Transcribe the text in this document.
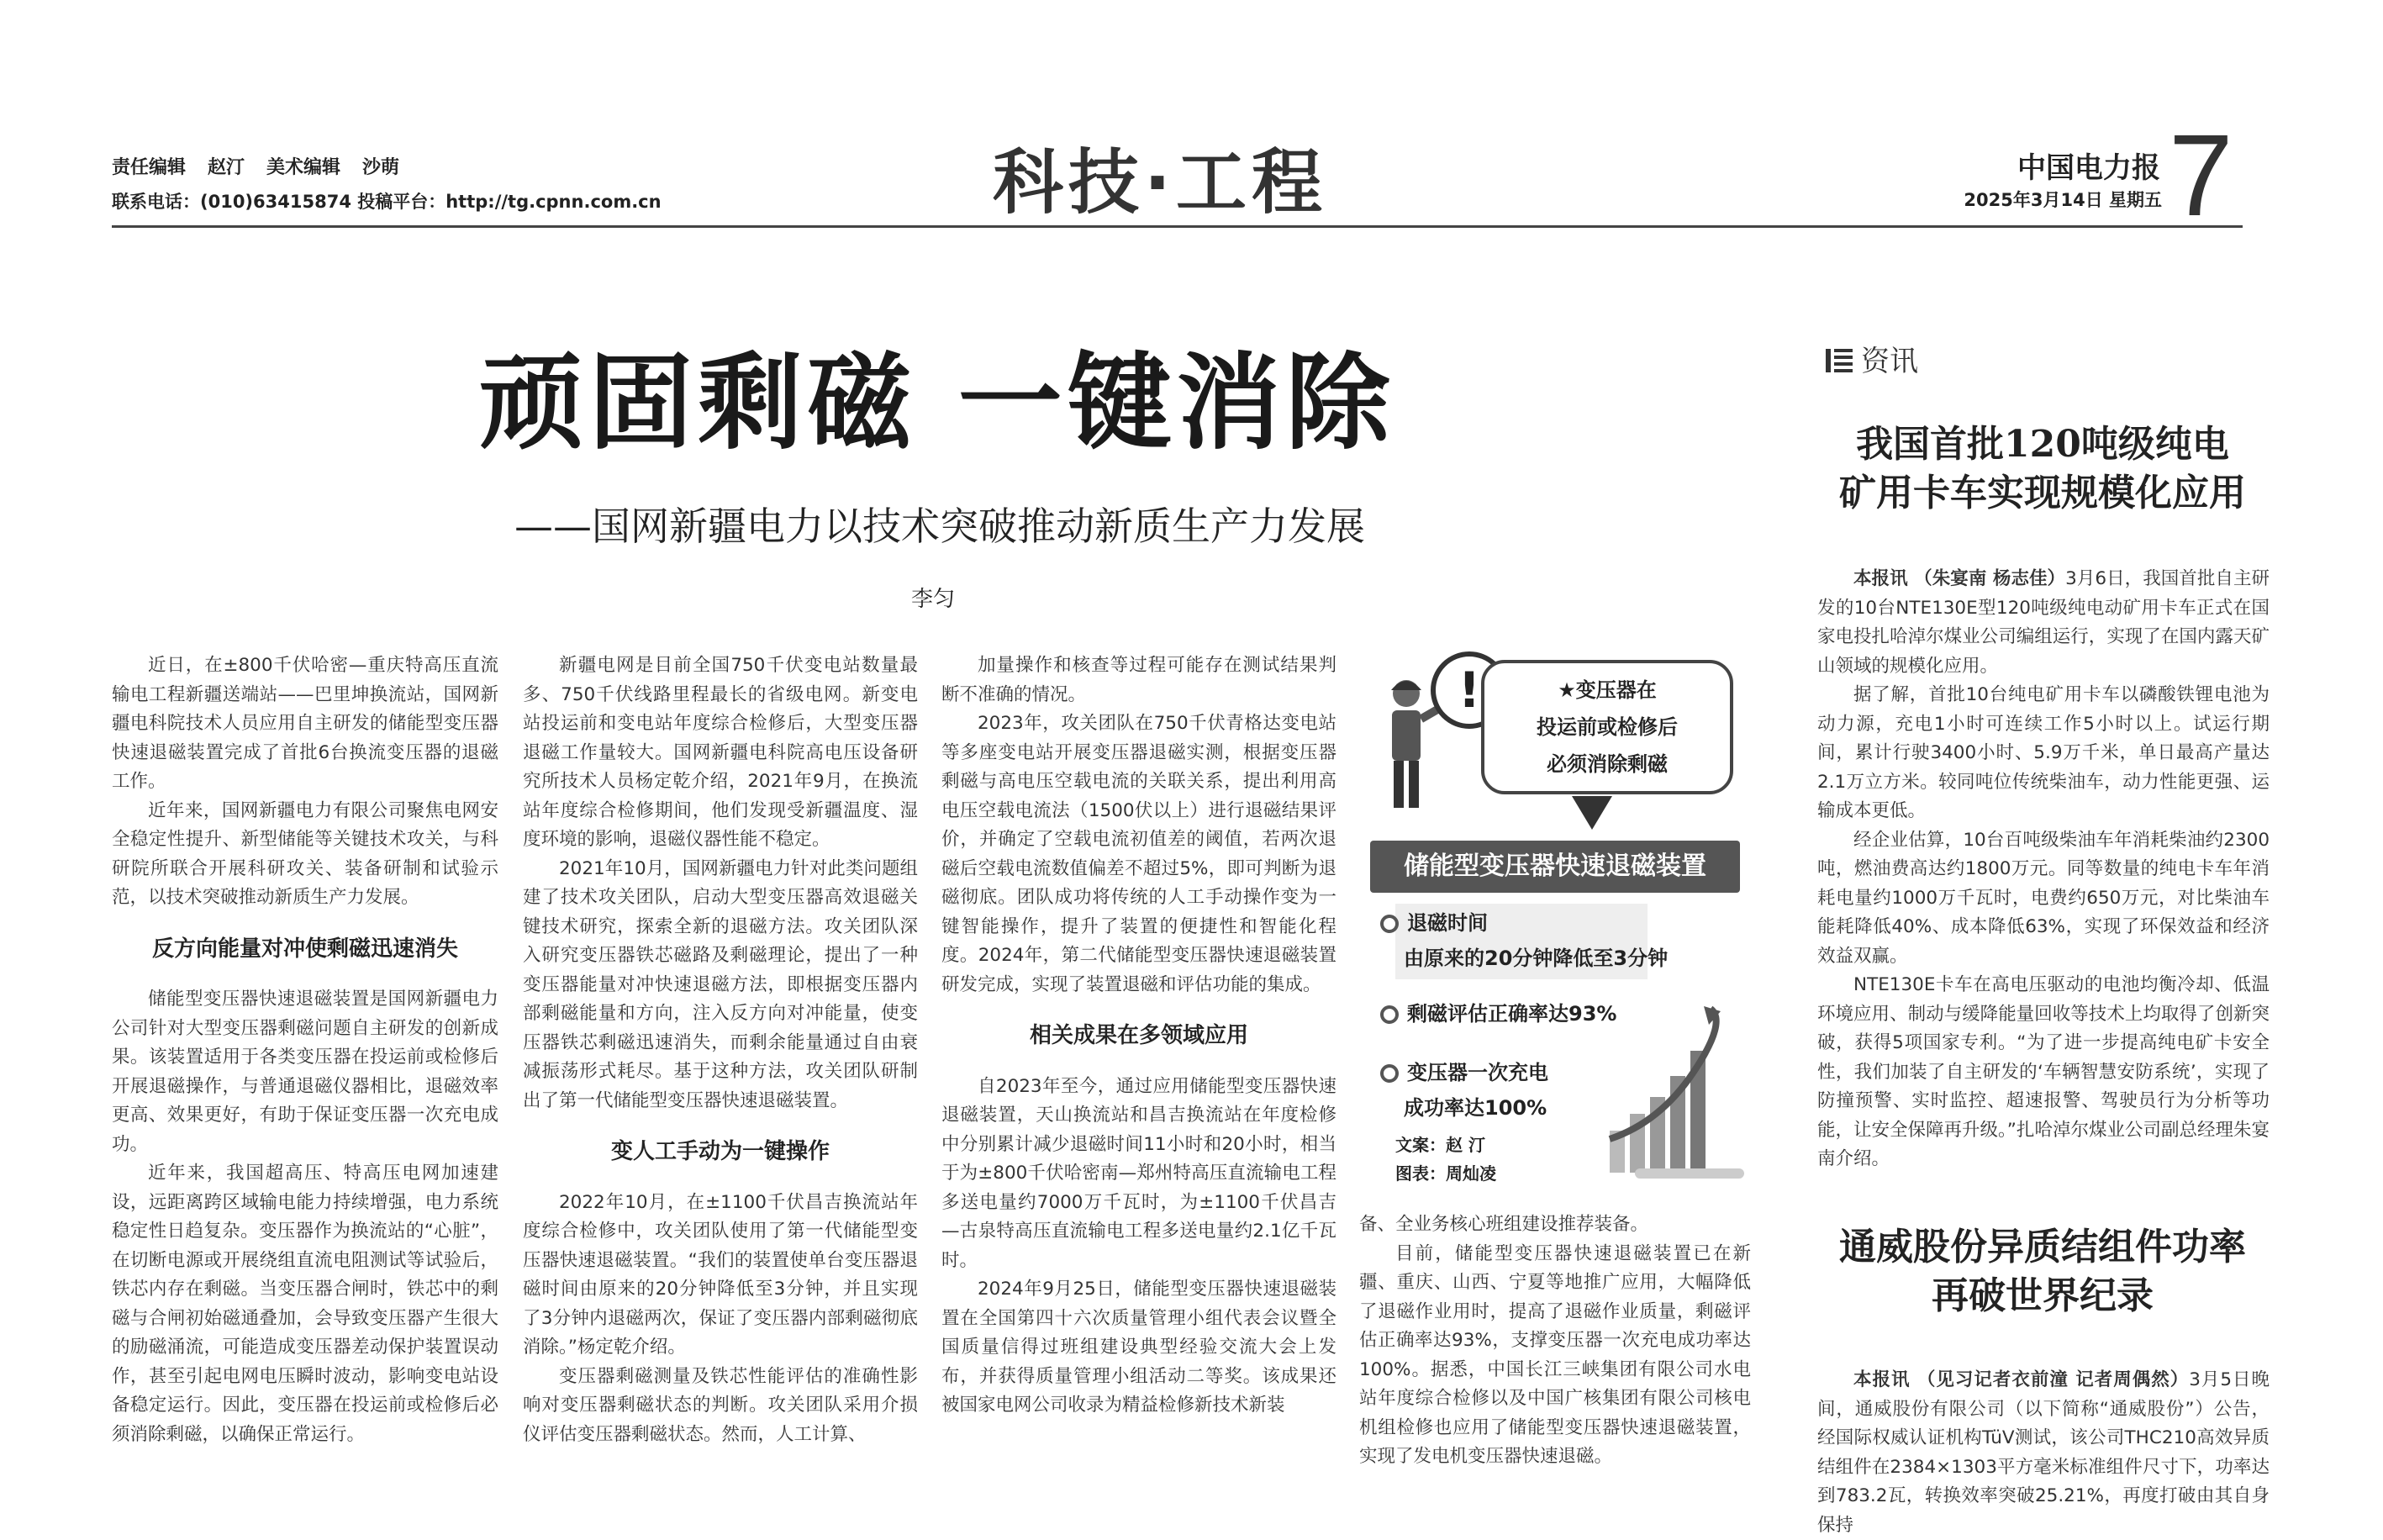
责任编辑 赵汀 美术编辑 沙萌
联系电话：(010)63415874 投稿平台：http://tg.cpnn.com.cn	科技·工程	中国电力报
2025年3月14日 星期五 7
顽固剩磁 一键消除
——国网新疆电力以技术突破推动新质生产力发展
李匀

近日，在±800千伏哈密—重庆特高压直流输电工程新疆送端站——巴里坤换流站，国网新疆电科院技术人员应用自主研发的储能型变压器快速退磁装置完成了首批6台换流变压器的退磁工作。

近年来，国网新疆电力有限公司聚焦电网安全稳定性提升、新型储能等关键技术攻关，与科研院所联合开展科研攻关、装备研制和试验示范，以技术突破推动新质生产力发展。

反方向能量对冲使剩磁迅速消失

储能型变压器快速退磁装置是国网新疆电力公司针对大型变压器剩磁问题自主研发的创新成果。该装置适用于各类变压器在投运前或检修后开展退磁操作，与普通退磁仪器相比，退磁效率更高、效果更好，有助于保证变压器一次充电成功。

近年来，我国超高压、特高压电网加速建设，远距离跨区域输电能力持续增强，电力系统稳定性日趋复杂。变压器作为换流站的“心脏”，在切断电源或开展绕组直流电阻测试等试验后，铁芯内存在剩磁。当变压器合闸时，铁芯中的剩磁与合闸初始磁通叠加，会导致变压器产生很大的励磁涌流，可能造成变压器差动保护装置误动作，甚至引起电网电压瞬时波动，影响变电站设备稳定运行。因此，变压器在投运前或检修后必须消除剩磁，以确保正常运行。

新疆电网是目前全国750千伏变电站数量最多、750千伏线路里程最长的省级电网。新变电站投运前和变电站年度综合检修后，大型变压器退磁工作量较大。国网新疆电科院高电压设备研究所技术人员杨定乾介绍，2021年9月，在换流站年度综合检修期间，他们发现受新疆温度、湿度环境的影响，退磁仪器性能不稳定。

2021年10月，国网新疆电力针对此类问题组建了技术攻关团队，启动大型变压器高效退磁关键技术研究，探索全新的退磁方法。攻关团队深入研究变压器铁芯磁路及剩磁理论，提出了一种变压器能量对冲快速退磁方法，即根据变压器内部剩磁能量和方向，注入反方向对冲能量，使变压器铁芯剩磁迅速消失，而剩余能量通过自由衰减振荡形式耗尽。基于这种方法，攻关团队研制出了第一代储能型变压器快速退磁装置。

变人工手动为一键操作

2022年10月，在±1100千伏昌吉换流站年度综合检修中，攻关团队使用了第一代储能型变压器快速退磁装置。“我们的装置使单台变压器退磁时间由原来的20分钟降低至3分钟，并且实现了3分钟内退磁两次，保证了变压器内部剩磁彻底消除。”杨定乾介绍。

变压器剩磁测量及铁芯性能评估的准确性影响对变压器剩磁状态的判断。攻关团队采用介损仪评估变压器剩磁状态。然而，人工计算、

加量操作和核查等过程可能存在测试结果判断不准确的情况。

2023年，攻关团队在750千伏青格达变电站等多座变电站开展变压器退磁实测，根据变压器剩磁与高电压空载电流的关联关系，提出利用高电压空载电流法（1500伏以上）进行退磁结果评价，并确定了空载电流初值差的阈值，若两次退磁后空载电流数值偏差不超过5%，即可判断为退磁彻底。团队成功将传统的人工手动操作变为一键智能操作，提升了装置的便捷性和智能化程度。2024年，第二代储能型变压器快速退磁装置研发完成，实现了装置退磁和评估功能的集成。

相关成果在多领域应用

自2023年至今，通过应用储能型变压器快速退磁装置，天山换流站和昌吉换流站在年度检修中分别累计减少退磁时间11小时和20小时，相当于为±800千伏哈密南—郑州特高压直流输电工程多送电量约7000万千瓦时，为±1100千伏昌吉—古泉特高压直流输电工程多送电量约2.1亿千瓦时。

2024年9月25日，储能型变压器快速退磁装置在全国第四十六次质量管理小组代表会议暨全国质量信得过班组建设典型经验交流大会上发布，并获得质量管理小组活动二等奖。该成果还被国家电网公司收录为精益检修新技术新装

!	★变压器在
投运前或检修后
必须消除剩磁
储能型变压器快速退磁装置
退磁时间
由原来的20分钟降低至3分钟
剩磁评估正确率达93%
变压器一次充电
成功率达100%
文案：赵 汀
图表：周灿凌

备、全业务核心班组建设推荐装备。

目前，储能型变压器快速退磁装置已在新疆、重庆、山西、宁夏等地推广应用，大幅降低了退磁作业用时，提高了退磁作业质量，剩磁评估正确率达93%，支撑变压器一次充电成功率达100%。据悉，中国长江三峡集团有限公司水电站年度综合检修以及中国广核集团有限公司核电机组检修也应用了储能型变压器快速退磁装置，实现了发电机变压器快速退磁。

资讯
我国首批120吨级纯电
矿用卡车实现规模化应用

本报讯 （朱宴南 杨志佳）3月6日，我国首批自主研发的10台NTE130E型120吨级纯电动矿用卡车正式在国家电投扎哈淖尔煤业公司编组运行，实现了在国内露天矿山领域的规模化应用。

据了解，首批10台纯电矿用卡车以磷酸铁锂电池为动力源，充电1小时可连续工作5小时以上。试运行期间，累计行驶3400小时、5.9万千米，单日最高产量达2.1万立方米。较同吨位传统柴油车，动力性能更强、运输成本更低。

经企业估算，10台百吨级柴油车年消耗柴油约2300吨，燃油费高达约1800万元。同等数量的纯电卡车年消耗电量约1000万千瓦时，电费约650万元，对比柴油车能耗降低40%、成本降低63%，实现了环保效益和经济效益双赢。

NTE130E卡车在高电压驱动的电池均衡冷却、低温环境应用、制动与缓降能量回收等技术上均取得了创新突破，获得5项国家专利。“为了进一步提高纯电矿卡安全性，我们加装了自主研发的‘车辆智慧安防系统’，实现了防撞预警、实时监控、超速报警、驾驶员行为分析等功能，让安全保障再升级。”扎哈淖尔煤业公司副总经理朱宴南介绍。

通威股份异质结组件功率
再破世界纪录

本报讯 （见习记者衣前潼 记者周偶然）3月5日晚间，通威股份有限公司（以下简称“通威股份”）公告，经国际权威认证机构TüV测试，该公司THC210高效异质结组件在2384×1303平方毫米标准组件尺寸下，功率达到783.2瓦，转换效率突破25.21%，再度打破由其自身保持
